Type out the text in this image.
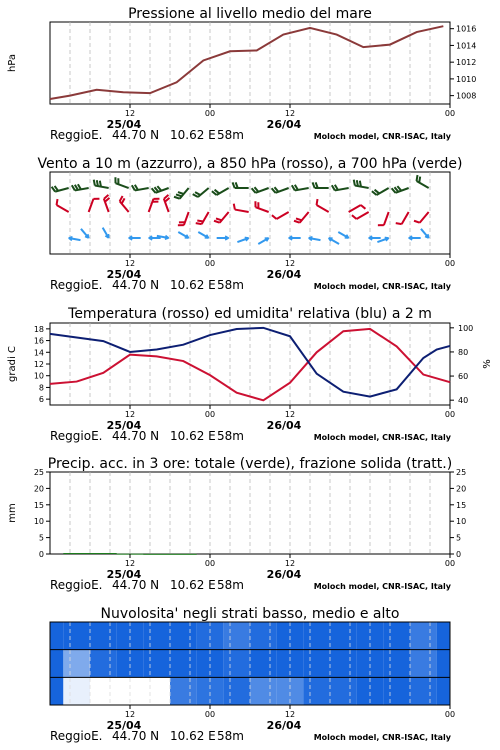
Pressione al livello medio del mare
1008
1010
1012
1014
1016
hPa
12	00	12	00
25/04	26/04
ReggioE. 44.70 N 10.62 E 58m	Moloch model, CNR-ISAC, Italy
Vento a 10 m (azzurro), a 850 hPa (rosso), a 700 hPa (verde)
12	00	12	00
25/04	26/04
ReggioE. 44.70 N 10.62 E 58m	Moloch model, CNR-ISAC, Italy
Temperatura (rosso) ed umidita' relativa (blu) a 2 m
6
8
10
12
14
16
18
40
60
80
100
gradi C	%
12	00	12	00
25/04	26/04
ReggioE. 44.70 N 10.62 E 58m	Moloch model, CNR-ISAC, Italy
Precip. acc. in 3 ore: totale (verde), frazione solida (tratt.)
0	0
5	5
10	10
15	15
20	20
25	25
mm
12	00	12	00
25/04	26/04
ReggioE. 44.70 N 10.62 E 58m	Moloch model, CNR-ISAC, Italy
Nuvolosita' negli strati basso, medio e alto
12	00	12	00
25/04	26/04
ReggioE. 44.70 N 10.62 E 58m	Moloch model, CNR-ISAC, Italy
